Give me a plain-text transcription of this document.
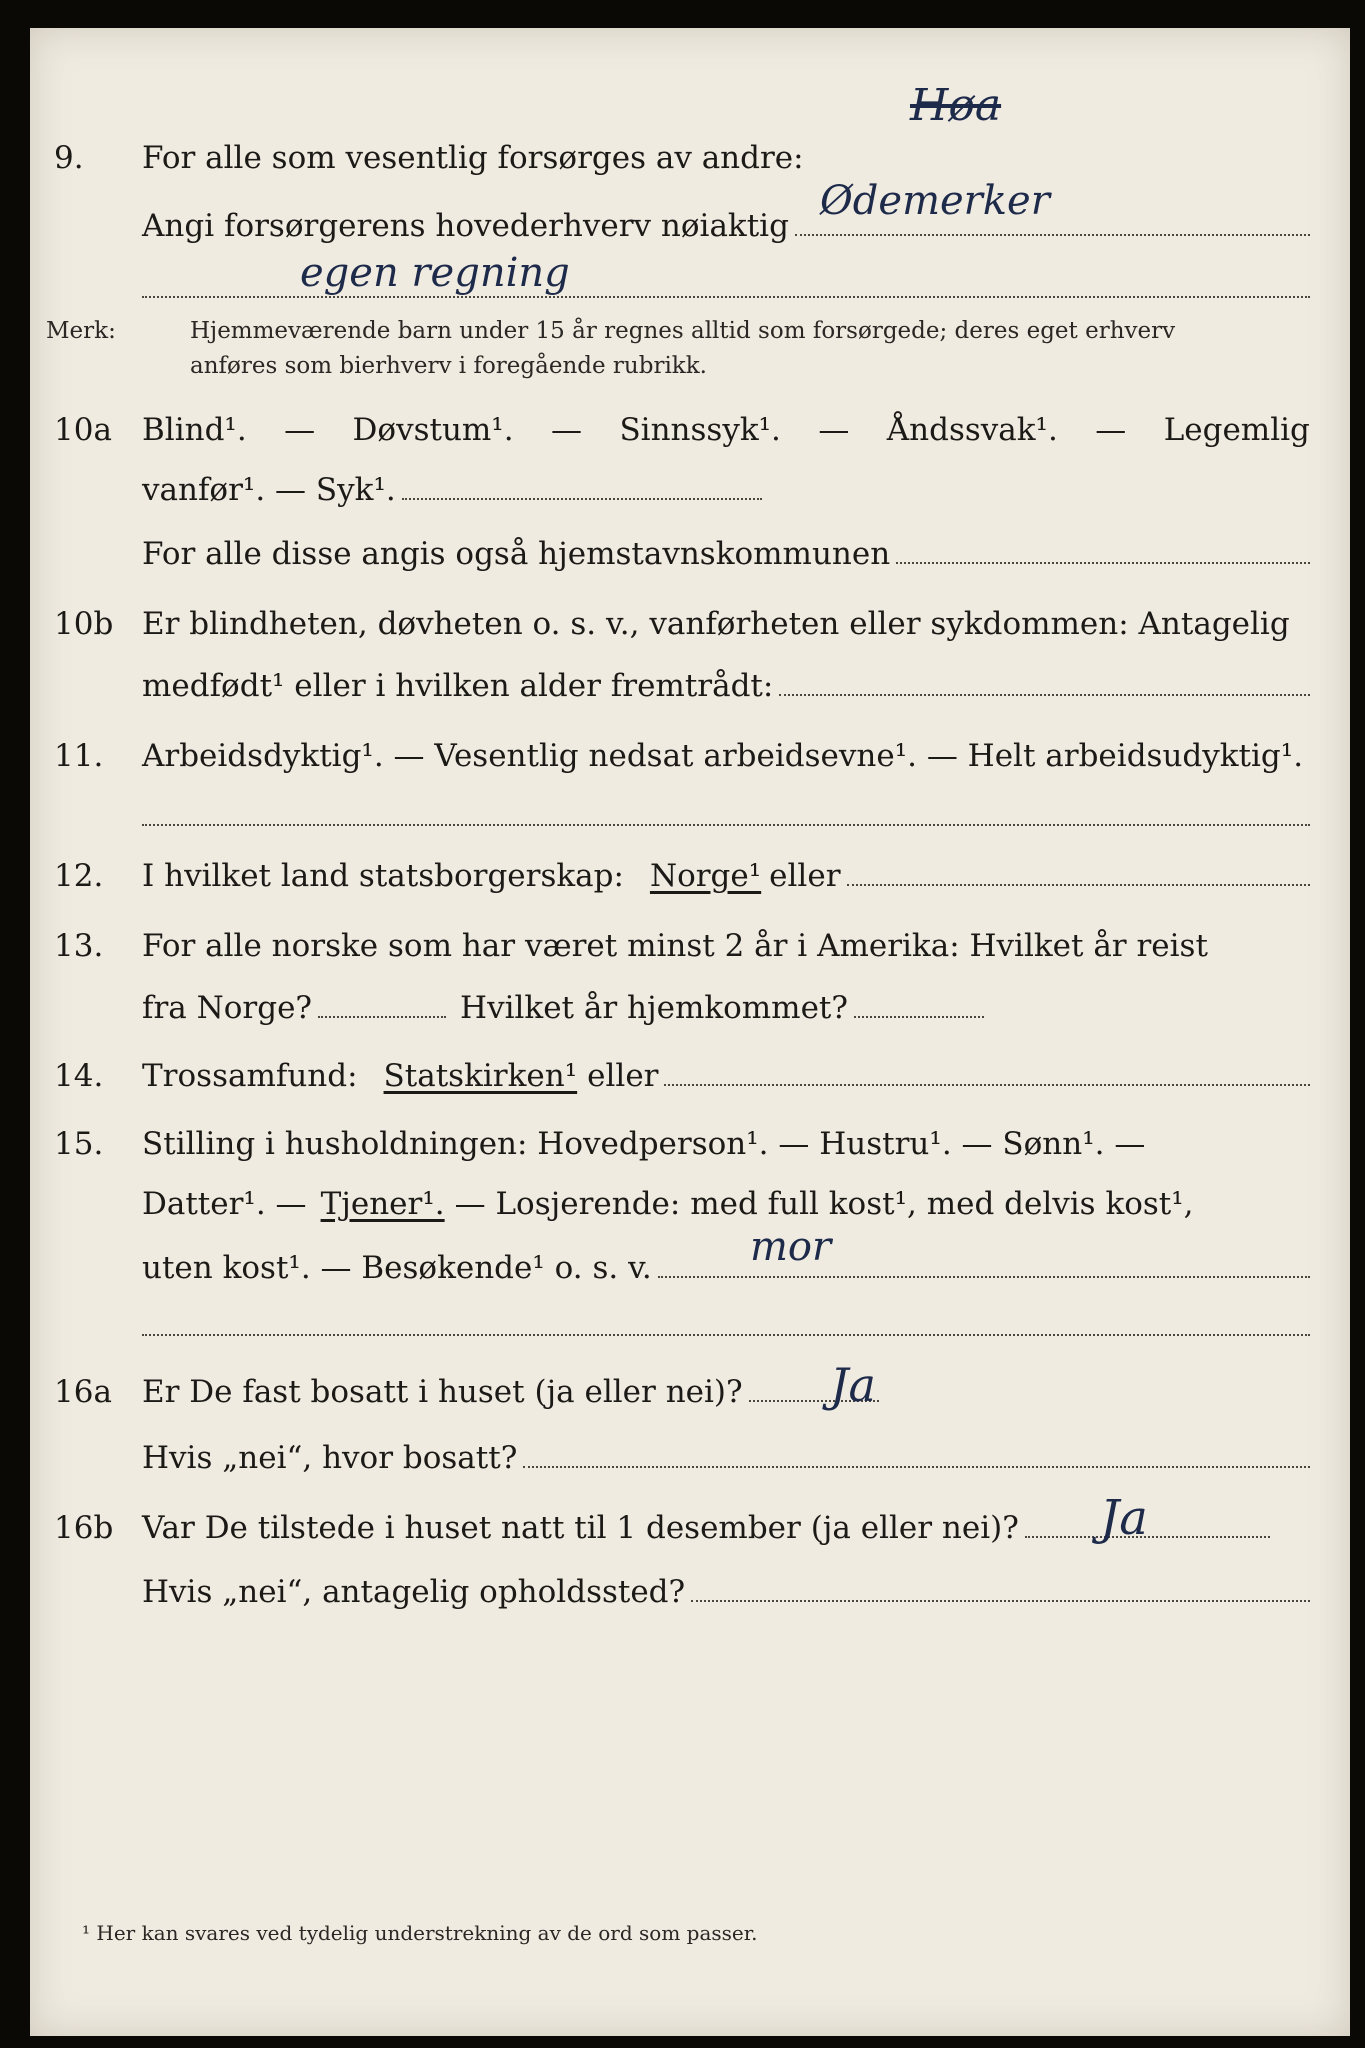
Høa
9. For alle som vesentlig forsørges av andre:
Angi forsørgerens hovederhverv nøiaktig
Ødemerker
egen regning
Merk:	Hjemmeværende barn under 15 år regnes alltid som forsørgede; deres eget erhverv
anføres som bierhverv i foregående rubrikk.
10a Blind¹. — Døvstum¹. — Sinnssyk¹. — Åndssvak¹. — Legemlig
vanfør¹. — Syk¹.
For alle disse angis også hjemstavnskommunen
10b Er blindheten, døvheten o. s. v., vanførheten eller sykdommen: Antagelig
medfødt¹ eller i hvilken alder fremtrådt:
11. Arbeidsdyktig¹. — Vesentlig nedsat arbeidsevne¹. — Helt arbeidsudyktig¹.
12. I hvilket land statsborgerskap: Norge¹ eller
13. For alle norske som har været minst 2 år i Amerika: Hvilket år reist
fra Norge?	Hvilket år hjemkommet?
14. Trossamfund: Statskirken¹ eller
15. Stilling i husholdningen: Hovedperson¹. — Hustru¹. — Sønn¹. —
Datter¹. — Tjener¹. — Losjerende: med full kost¹, med delvis kost¹,
uten kost¹. — Besøkende¹ o. s. v. mor
16a Er De fast bosatt i huset (ja eller nei)? Ja
Hvis „nei“, hvor bosatt?
16b Var De tilstede i huset natt til 1 desember (ja eller nei)? Ja
Hvis „nei“, antagelig opholdssted?
¹ Her kan svares ved tydelig understrekning av de ord som passer.
